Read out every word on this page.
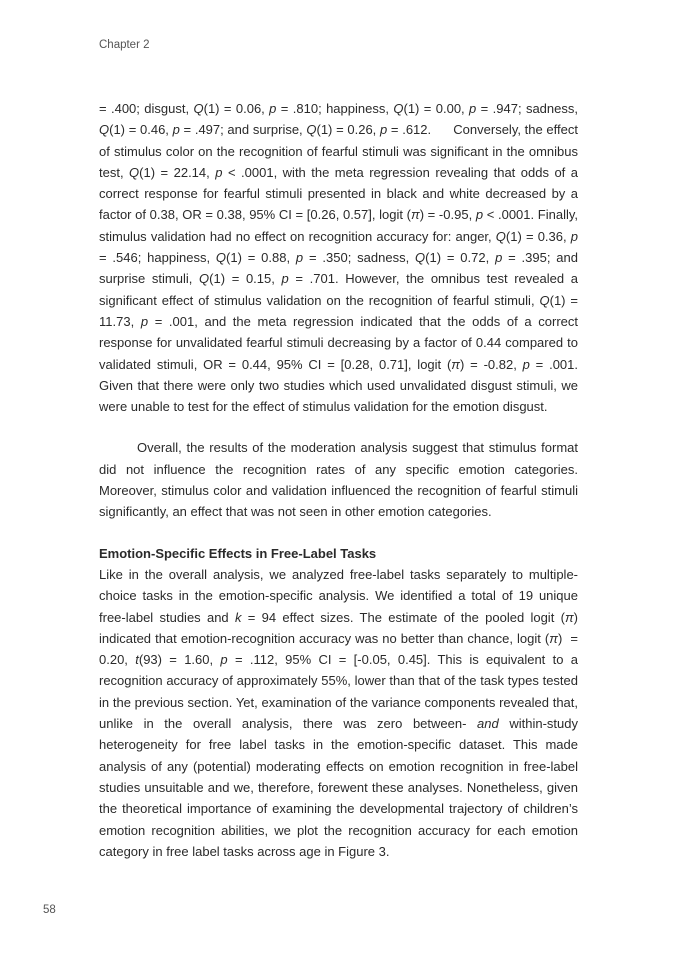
Chapter 2

= .400; disgust, Q(1) = 0.06, p = .810; happiness, Q(1) = 0.00, p = .947; sadness, Q(1) = 0.46, p = .497; and surprise, Q(1) = 0.26, p = .612.      Conversely, the effect of stimulus color on the recognition of fearful stimuli was significant in the omnibus test, Q(1) = 22.14, p < .0001, with the meta regression revealing that odds of a correct response for fearful stimuli presented in black and white decreased by a factor of 0.38, OR = 0.38, 95% CI = [0.26, 0.57], logit (π) = -0.95, p < .0001. Finally, stimulus validation had no effect on recognition accuracy for: anger, Q(1) = 0.36, p = .546; happiness, Q(1) = 0.88, p = .350; sadness, Q(1) = 0.72, p = .395; and surprise stimuli, Q(1) = 0.15, p = .701. However, the omnibus test revealed a significant effect of stimulus validation on the recognition of fearful stimuli, Q(1) = 11.73, p = .001, and the meta regression indicated that the odds of a correct response for unvalidated fearful stimuli decreasing by a factor of 0.44 compared to validated stimuli, OR = 0.44, 95% CI = [0.28, 0.71], logit (π) = -0.82, p = .001. Given that there were only two studies which used unvalidated disgust stimuli, we were unable to test for the effect of stimulus validation for the emotion disgust.

Overall, the results of the moderation analysis suggest that stimulus format did not influence the recognition rates of any specific emotion categories. Moreover, stimulus color and validation influenced the recognition of fearful stimuli significantly, an effect that was not seen in other emotion categories.

Emotion-Specific Effects in Free-Label Tasks

Like in the overall analysis, we analyzed free-label tasks separately to multiple-choice tasks in the emotion-specific analysis. We identified a total of 19 unique free-label studies and k = 94 effect sizes. The estimate of the pooled logit (π) indicated that emotion-recognition accuracy was no better than chance, logit (π)  = 0.20, t(93) = 1.60, p = .112, 95% CI = [-0.05, 0.45]. This is equivalent to a recognition accuracy of approximately 55%, lower than that of the task types tested in the previous section. Yet, examination of the variance components revealed that, unlike in the overall analysis, there was zero between- and within-study heterogeneity for free label tasks in the emotion-specific dataset. This made analysis of any (potential) moderating effects on emotion recognition in free-label studies unsuitable and we, therefore, forewent these analyses. Nonetheless, given the theoretical importance of examining the developmental trajectory of children’s emotion recognition abilities, we plot the recognition accuracy for each emotion category in free label tasks across age in Figure 3.

58
